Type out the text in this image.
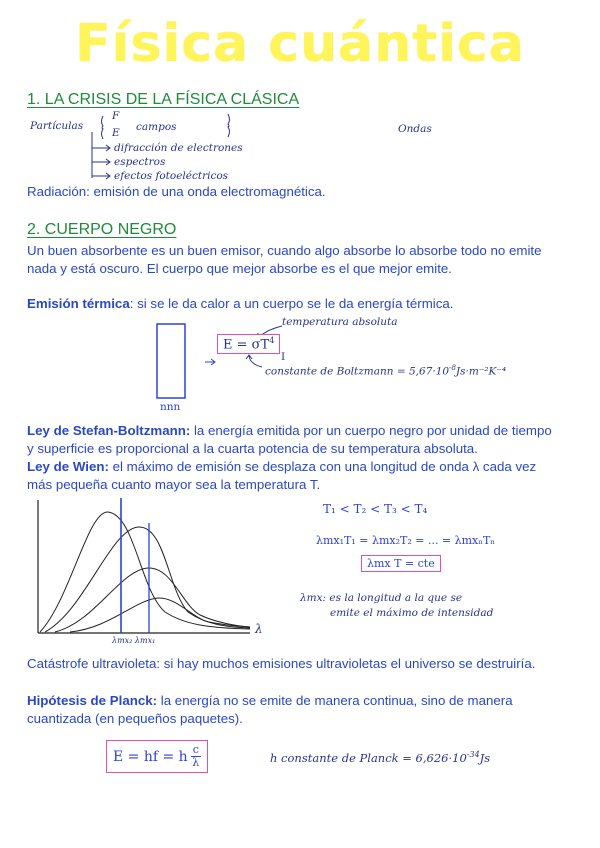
Física cuántica
1. LA CRISIS DE LA FÍSICA CLÁSICA
Partículas
F
E campos	Ondas
difracción de electrones
espectros
efectos fotoeléctricos
Radiación: emisión de una onda electromagnética.
2. CUERPO NEGRO
Un buen absorbente es un buen emisor, cuando algo absorbe lo absorbe todo no emite nada y está oscuro. El cuerpo que mejor absorbe es el que mejor emite.
Emisión térmica: si se le da calor a un cuerpo se le da energía térmica.
nnn
temperatura absoluta
$E = \sigma T^4$
I
constante de Boltzmann = $5,67\cdot 10^{-8}Js\cdot m^{-2}K^{-4}$
Ley de Stefan-Boltzmann: la energía emitida por un cuerpo negro por unidad de tiempo y superficie es proporcional a la cuarta potencia de su temperatura absoluta.
Ley de Wien: el máximo de emisión se desplaza con una longitud de onda λ cada vez más pequeña cuanto mayor sea la temperatura T.
λ
λmx₂ λmx₁
T₁ < T₂ < T₃ < T₄
λmx₁T₁ = λmx₂T₂ = ... = λmxₙTₙ
λmx T = cte
λmx: es la longitud a la que se
emite el máximo de intensidad
Catástrofe ultravioleta: si hay muchos emisiones ultravioletas el universo se destruiría.
Hipótesis de Planck: la energía no se emite de manera continua, sino de manera cuantizada (en pequeños paquetes).
E = hf = h $\frac{c}{\lambda}$	h constante de Planck = $6,626\cdot 10^{-34}Js$
